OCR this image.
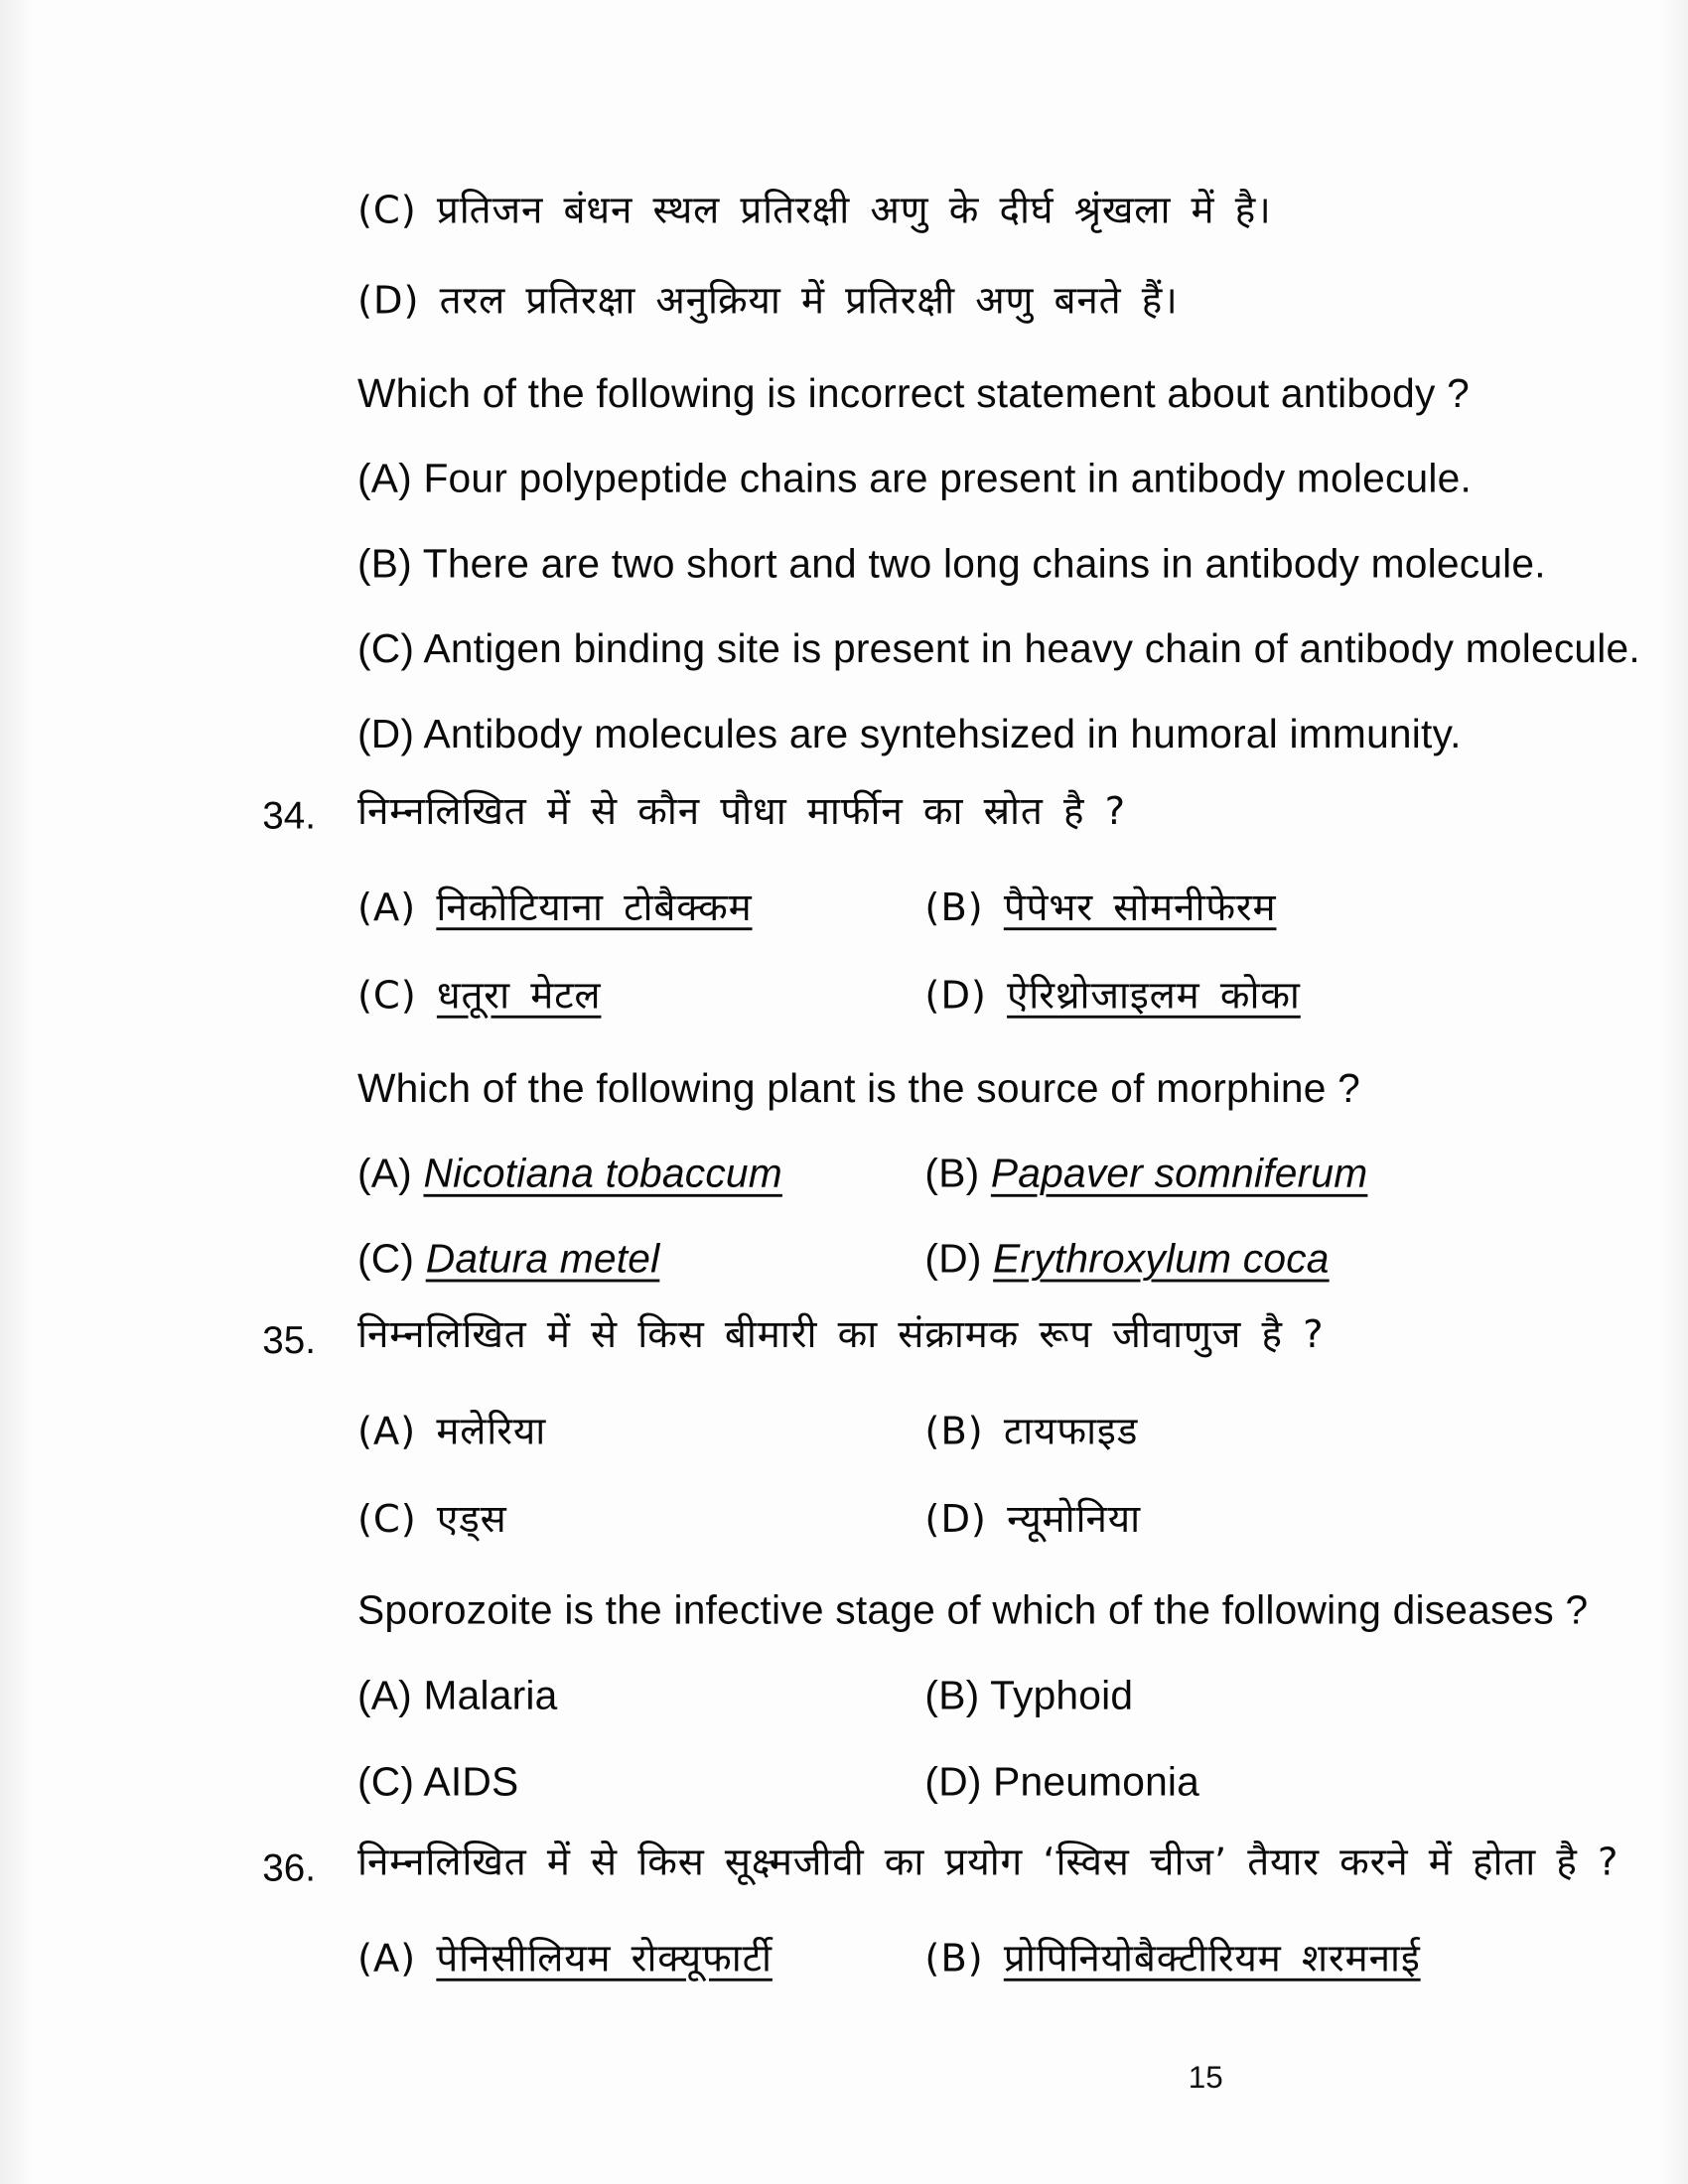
(C) प्रतिजन बंधन स्थल प्रतिरक्षी अणु के दीर्घ श्रृंखला में है।
(D) तरल प्रतिरक्षा अनुक्रिया में प्रतिरक्षी अणु बनते हैं।
Which of the following is incorrect statement about antibody ?
(A) Four polypeptide chains are present in antibody molecule.
(B) There are two short and two long chains in antibody molecule.
(C) Antigen binding site is present in heavy chain of antibody molecule.
(D) Antibody molecules are syntehsized in humoral immunity.
34. निम्नलिखित में से कौन पौधा मार्फीन का स्रोत है ?
(A) निकोटियाना टोबैक्कम	(B) पैपेभर सोमनीफेरम
(C) धतूरा मेटल	(D) ऐरिथ्रोजाइलम कोका
Which of the following plant is the source of morphine ?
(A) Nicotiana tobaccum	(B) Papaver somniferum
(C) Datura metel	(D) Erythroxylum coca
35. निम्नलिखित में से किस बीमारी का संक्रामक रूप जीवाणुज है ?
(A) मलेरिया	(B) टायफाइड
(C) एड्स	(D) न्यूमोनिया
Sporozoite is the infective stage of which of the following diseases ?
(A) Malaria	(B) Typhoid
(C) AIDS	(D) Pneumonia
36. निम्नलिखित में से किस सूक्ष्मजीवी का प्रयोग ‘स्विस चीज’ तैयार करने में होता है ?
(A) पेनिसीलियम रोक्यूफार्टी	(B) प्रोपिनियोबैक्टीरियम शरमनाई
15
